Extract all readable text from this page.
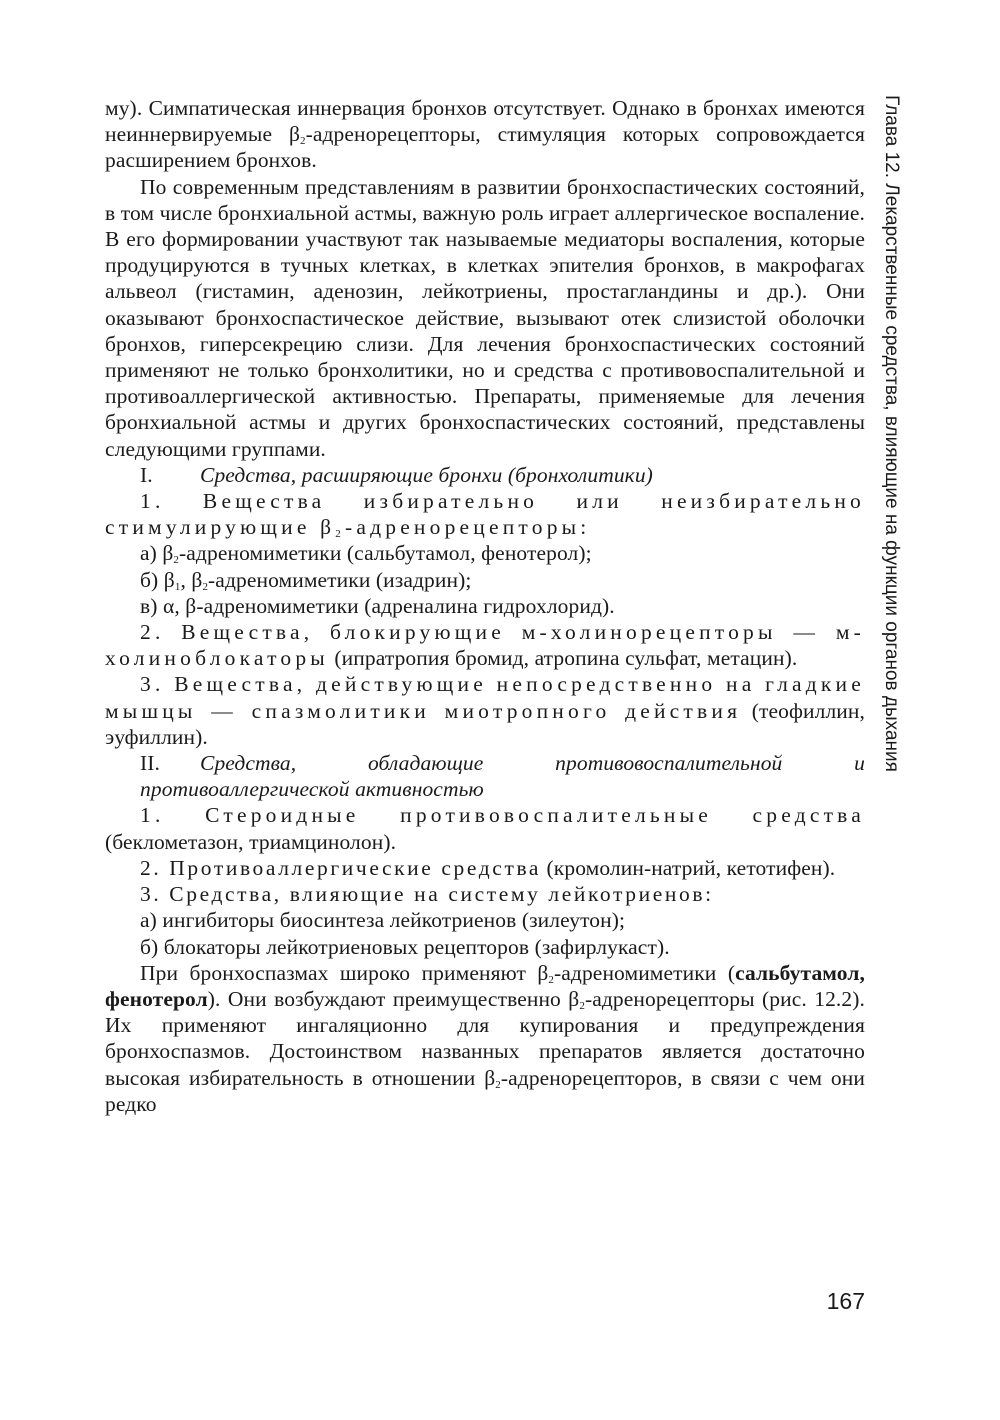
му). Симпатическая иннервация бронхов отсутствует. Однако в бронхах имеются неиннервируемые $\beta_2$-адренорецепторы, стимуляция которых сопровождается расширением бронхов.

По современным представлениям в развитии бронхоспастических состояний, в том числе бронхиальной астмы, важную роль играет аллергическое воспаление. В его формировании участвуют так называемые медиаторы воспаления, которые продуцируются в тучных клетках, в клетках эпителия бронхов, в макрофагах альвеол (гистамин, аденозин, лейкотриены, простагландины и др.). Они оказывают бронхоспастическое действие, вызывают отек слизистой оболочки бронхов, гиперсекрецию слизи. Для лечения бронхоспастических состояний применяют не только бронхолитики, но и средства с противовоспалительной и противоаллергической активностью. Препараты, применяемые для лечения бронхиальной астмы и других бронхоспастических состояний, представлены следующими группами.

I. Средства, расширяющие бронхи (бронхолитики)

1. Вещества избирательно или неизбирательно стимулирующие $\beta_2$-адренорецепторы:

а) $\beta_2$-адреномиметики (сальбутамол, фенотерол);

б) $\beta_1$, $\beta_2$-адреномиметики (изадрин);

в) α, β-адреномиметики (адреналина гидрохлорид).

2. Вещества, блокирующие м-холинорецепторы — м-холиноблокаторы (ипратропия бромид, атропина сульфат, метацин).

3. Вещества, действующие непосредственно на гладкие мышцы — спазмолитики миотропного действия (теофиллин, эуфиллин).

II. Средства, обладающие противовоспалительной и противоаллергической активностью

1. Стероидные противовоспалительные средства (беклометазон, триамцинолон).

2. Противоаллергические средства (кромолин-натрий, кетотифен).

3. Средства, влияющие на систему лейкотриенов:

а) ингибиторы биосинтеза лейкотриенов (зилеутон);

б) блокаторы лейкотриеновых рецепторов (зафирлукаст).

При бронхоспазмах широко применяют $\beta_2$-адреномиметики (сальбутамол, фенотерол). Они возбуждают преимущественно $\beta_2$-адренорецепторы (рис. 12.2). Их применяют ингаляционно для купирования и предупреждения бронхоспазмов. Достоинством названных препаратов является достаточно высокая избирательность в отношении $\beta_2$-адренорецепторов, в связи с чем они редко

Глава 12. Лекарственные средства, влияющие на функции органов дыхания
167
